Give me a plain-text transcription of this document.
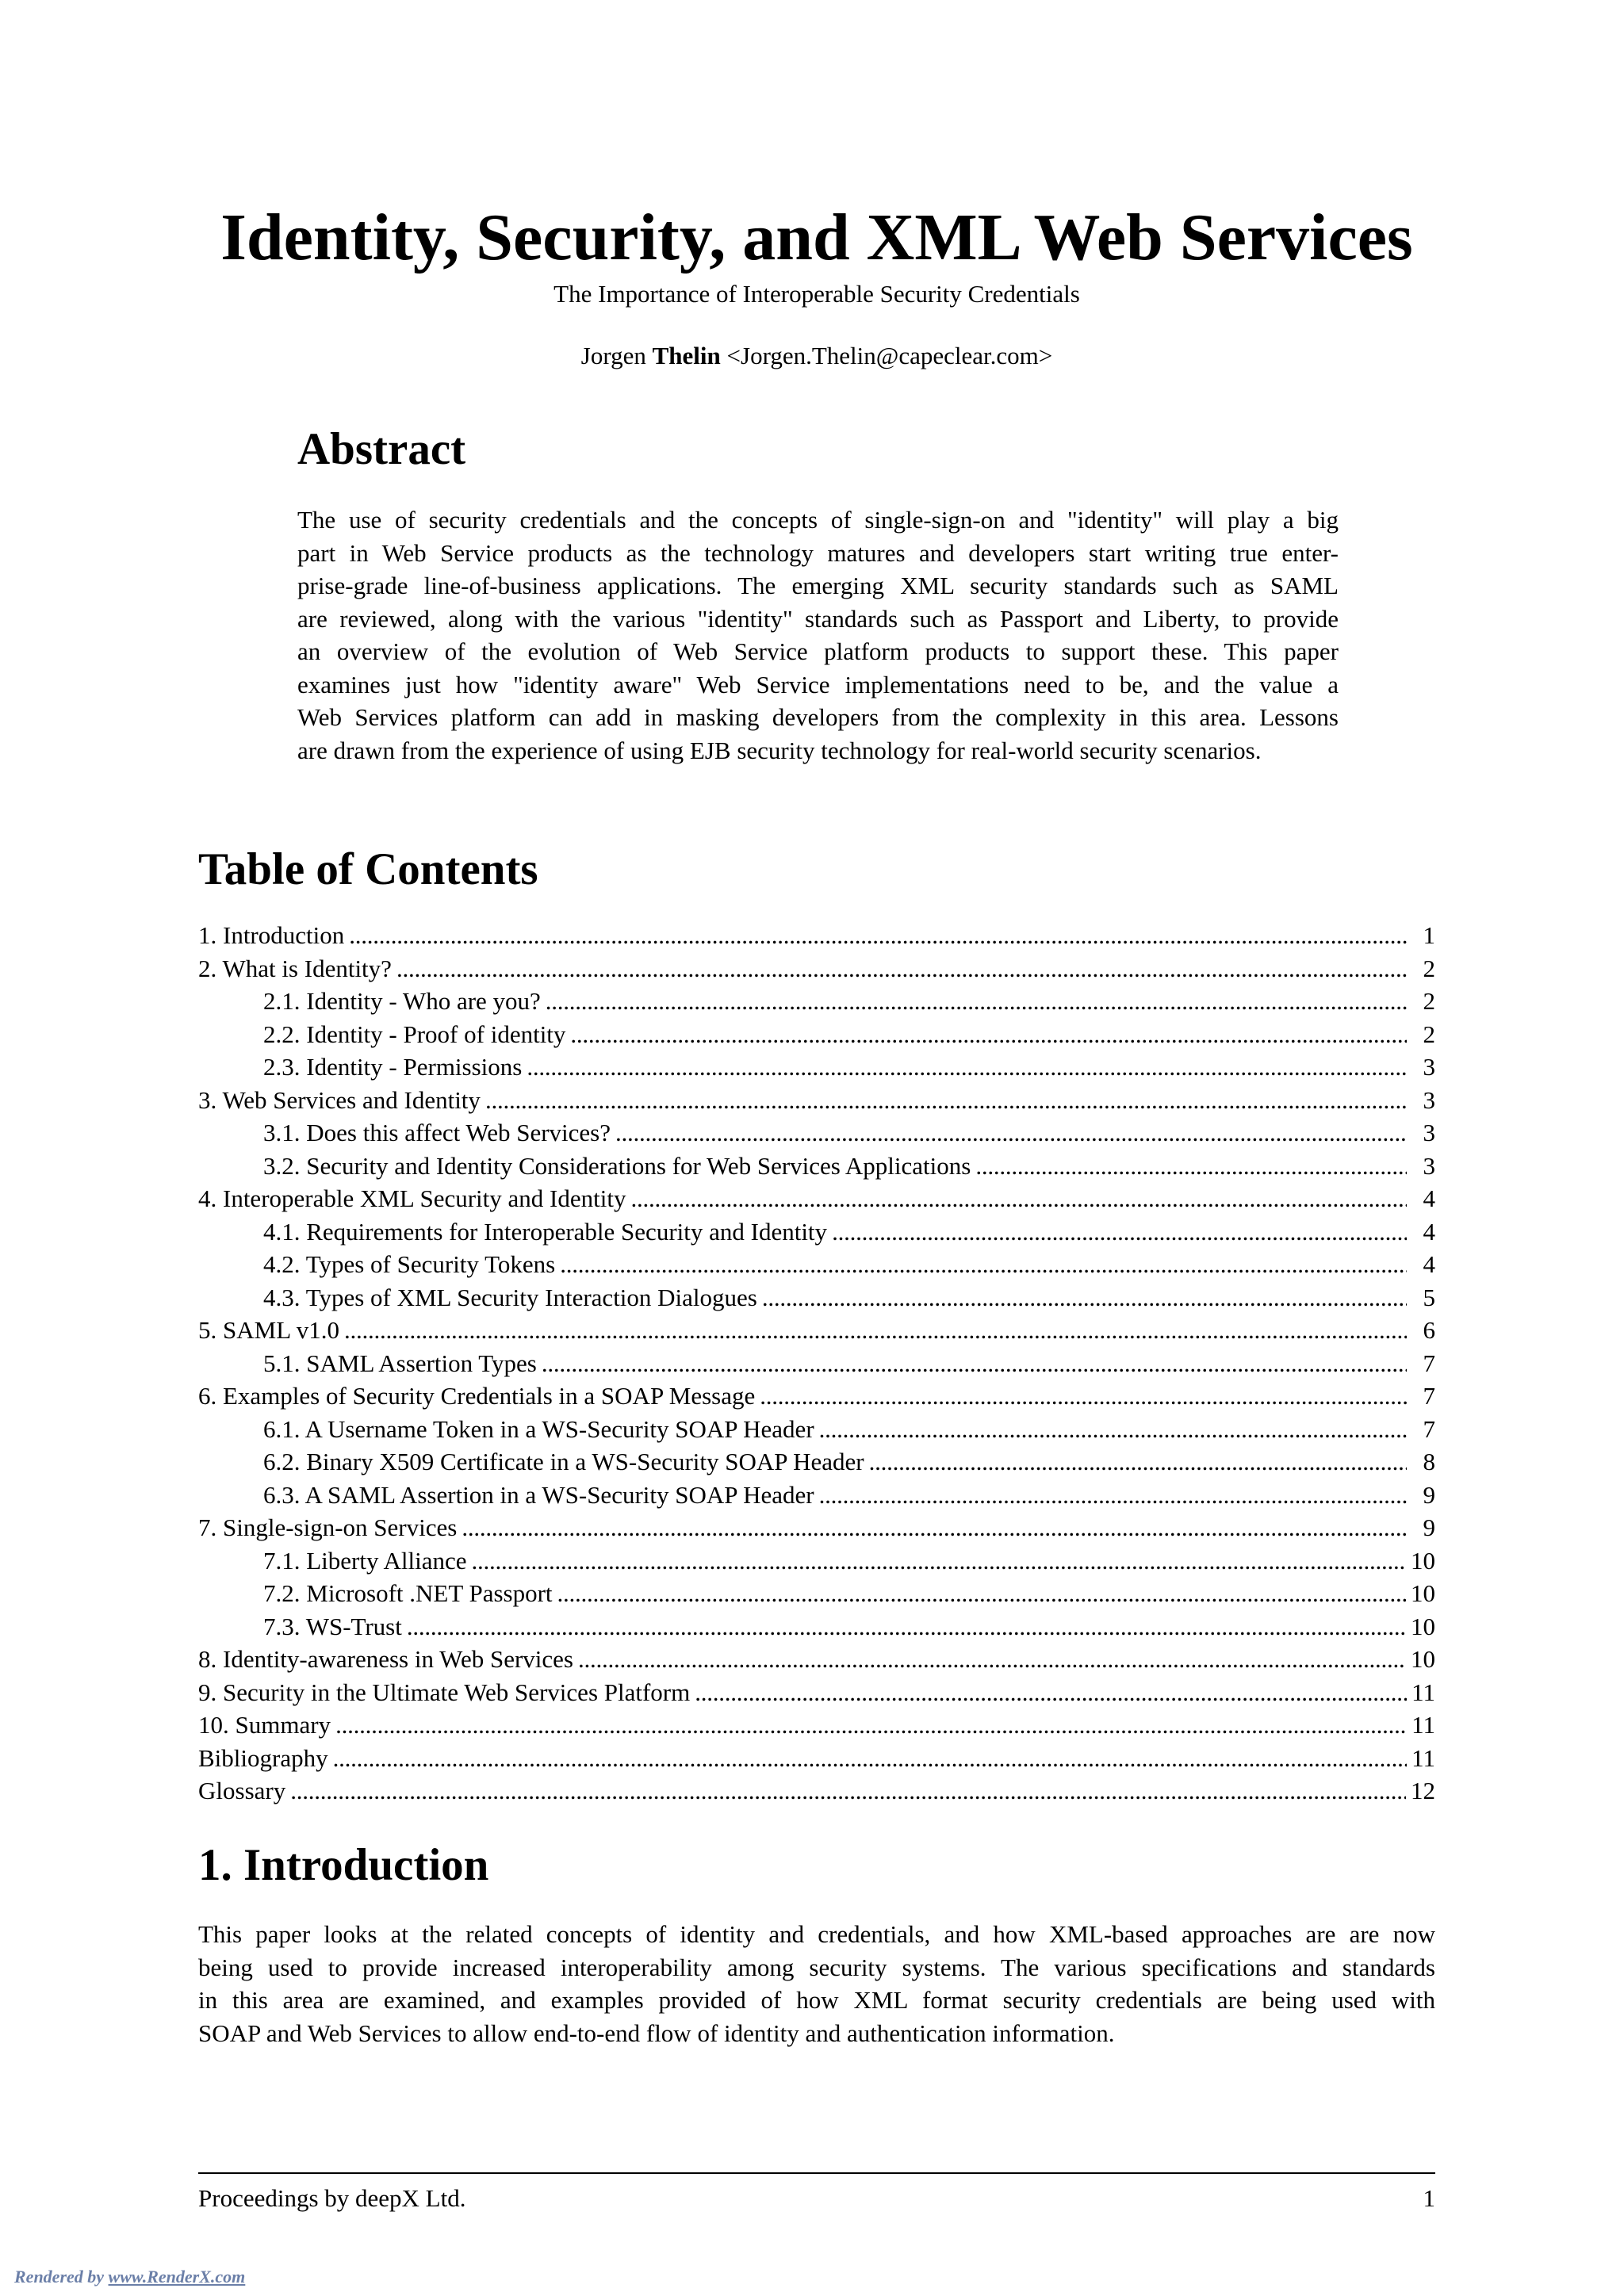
Identity, Security, and XML Web Services
The Importance of Interoperable Security Credentials
Jorgen Thelin <Jorgen.Thelin@capeclear.com>
Abstract
The use of security credentials and the concepts of single-sign-on and "identity" will play a big
part in Web Service products as the technology matures and developers start writing true enter-
prise-grade line-of-business applications. The emerging XML security standards such as SAML
are reviewed, along with the various "identity" standards such as Passport and Liberty, to provide
an overview of the evolution of Web Service platform products to support these. This paper
examines just how "identity aware" Web Service implementations need to be, and the value a
Web Services platform can add in masking developers from the complexity in this area. Lessons
are drawn from the experience of using EJB security technology for real-world security scenarios.
Table of Contents
1. Introduction . . .	1
2. What is Identity? . . .	2
2.1. Identity - Who are you? . . .	2
2.2. Identity - Proof of identity . . .	2
2.3. Identity - Permissions . . .	3
3. Web Services and Identity . . .	3
3.1. Does this affect Web Services? . . .	3
3.2. Security and Identity Considerations for Web Services Applications . . .	3
4. Interoperable XML Security and Identity . . .	4
4.1. Requirements for Interoperable Security and Identity . . .	4
4.2. Types of Security Tokens . . .	4
4.3. Types of XML Security Interaction Dialogues . . .	5
5. SAML v1.0 . . .	6
5.1. SAML Assertion Types . . .	7
6. Examples of Security Credentials in a SOAP Message . . .	7
6.1. A Username Token in a WS-Security SOAP Header . . .	7
6.2. Binary X509 Certificate in a WS-Security SOAP Header . . .	8
6.3. A SAML Assertion in a WS-Security SOAP Header . . .	9
7. Single-sign-on Services . . .	9
7.1. Liberty Alliance . . .	10
7.2. Microsoft .NET Passport . . .	10
7.3. WS-Trust . . .	10
8. Identity-awareness in Web Services . . .	10
9. Security in the Ultimate Web Services Platform . . .	11
10. Summary . . .	11
Bibliography . . .	11
Glossary . . .	12
1. Introduction
This paper looks at the related concepts of identity and credentials, and how XML-based approaches are are now
being used to provide increased interoperability among security systems. The various specifications and standards
in this area are examined, and examples provided of how XML format security credentials are being used with
SOAP and Web Services to allow end-to-end flow of identity and authentication information.
Proceedings by deepX Ltd.	1
Rendered by www.RenderX.com
